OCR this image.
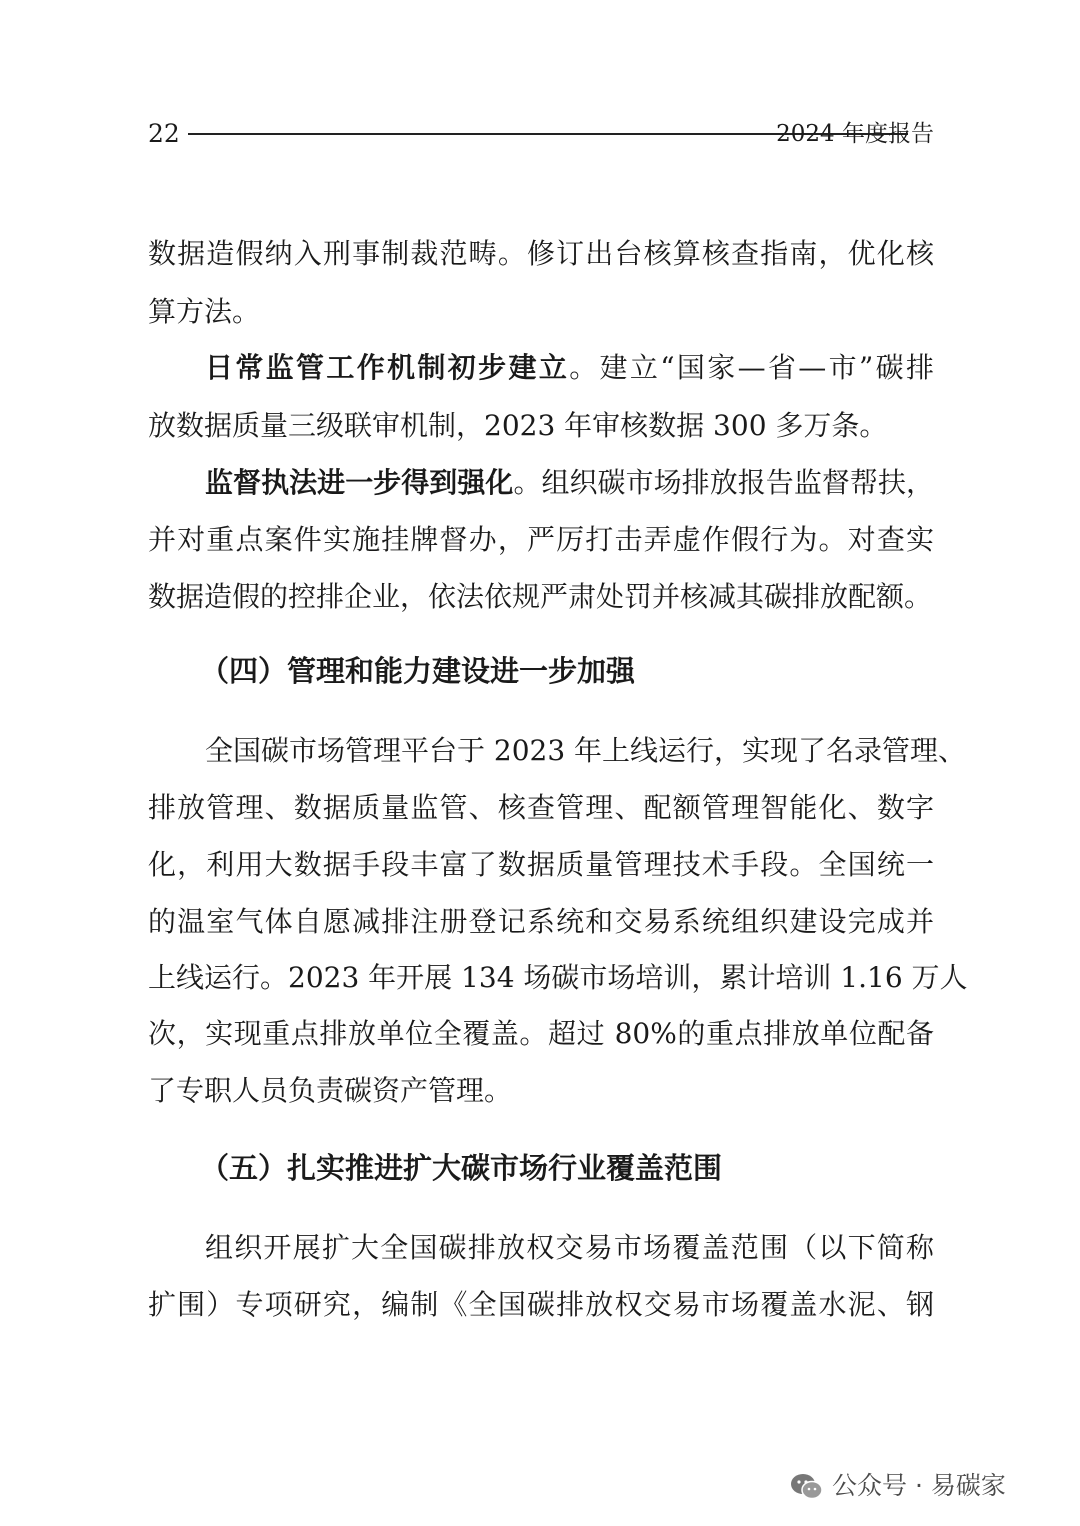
22	2024 年度报告
数据造假纳入刑事制裁范畴。修订出台核算核查指南，优化核
算方法。
日常监管工作机制初步建立。建立“国家—省—市”碳排
放数据质量三级联审机制，2023 年审核数据 300 多万条。
监督执法进一步得到强化。组织碳市场排放报告监督帮扶，
并对重点案件实施挂牌督办，严厉打击弄虚作假行为。对查实
数据造假的控排企业，依法依规严肃处罚并核减其碳排放配额。
（四）管理和能力建设进一步加强
全国碳市场管理平台于 2023 年上线运行，实现了名录管理、
排放管理、数据质量监管、核查管理、配额管理智能化、数字
化，利用大数据手段丰富了数据质量管理技术手段。全国统一
的温室气体自愿减排注册登记系统和交易系统组织建设完成并
上线运行。2023 年开展 134 场碳市场培训，累计培训 1.16 万人
次，实现重点排放单位全覆盖。超过 80%的重点排放单位配备
了专职人员负责碳资产管理。
（五）扎实推进扩大碳市场行业覆盖范围
组织开展扩大全国碳排放权交易市场覆盖范围（以下简称
扩围）专项研究，编制《全国碳排放权交易市场覆盖水泥、钢
公众号 · 易碳家
